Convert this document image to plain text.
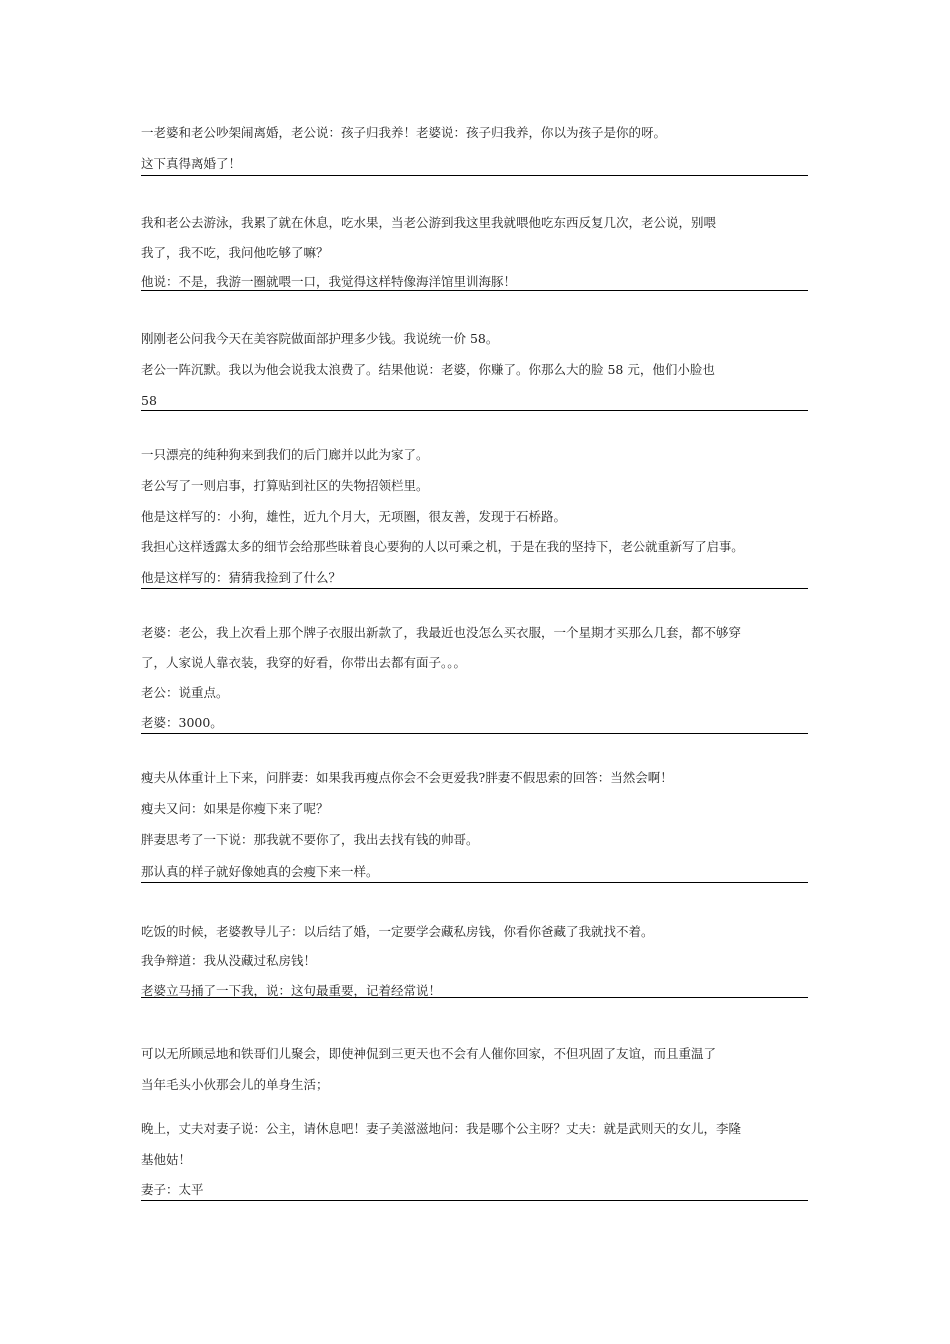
一老婆和老公吵架闹离婚，老公说：孩子归我养！老婆说：孩子归我养，你以为孩子是你的呀。

这下真得离婚了！

我和老公去游泳，我累了就在休息，吃水果，当老公游到我这里我就喂他吃东西反复几次，老公说，别喂

我了，我不吃，我问他吃够了嘛？

他说：不是，我游一圈就喂一口，我觉得这样特像海洋馆里训海豚！

刚刚老公问我今天在美容院做面部护理多少钱。我说统一价 58。

老公一阵沉默。我以为他会说我太浪费了。结果他说：老婆，你赚了。你那么大的脸 58 元，他们小脸也

58

一只漂亮的纯种狗来到我们的后门廊并以此为家了。

老公写了一则启事，打算贴到社区的失物招领栏里。

他是这样写的：小狗，雄性，近九个月大，无项圈，很友善，发现于石桥路。

我担心这样透露太多的细节会给那些昧着良心要狗的人以可乘之机，于是在我的坚持下，老公就重新写了启事。

他是这样写的：猜猜我捡到了什么？

老婆：老公，我上次看上那个牌子衣服出新款了，我最近也没怎么买衣服，一个星期才买那么几套，都不够穿

了，人家说人靠衣装，我穿的好看，你带出去都有面子。。。

老公：说重点。

老婆：3000。

瘦夫从体重计上下来，问胖妻：如果我再瘦点你会不会更爱我?胖妻不假思索的回答：当然会啊！

瘦夫又问：如果是你瘦下来了呢？

胖妻思考了一下说：那我就不要你了，我出去找有钱的帅哥。

那认真的样子就好像她真的会瘦下来一样。

吃饭的时候，老婆教导儿子：以后结了婚，一定要学会藏私房钱，你看你爸藏了我就找不着。

我争辩道：我从没藏过私房钱！

老婆立马捅了一下我，说：这句最重要，记着经常说！

可以无所顾忌地和铁哥们儿聚会，即使神侃到三更天也不会有人催你回家，不但巩固了友谊，而且重温了

当年毛头小伙那会儿的单身生活；

晚上，丈夫对妻子说：公主，请休息吧！妻子美滋滋地问：我是哪个公主呀？丈夫：就是武则天的女儿，李隆

基他姑！

妻子：太平
